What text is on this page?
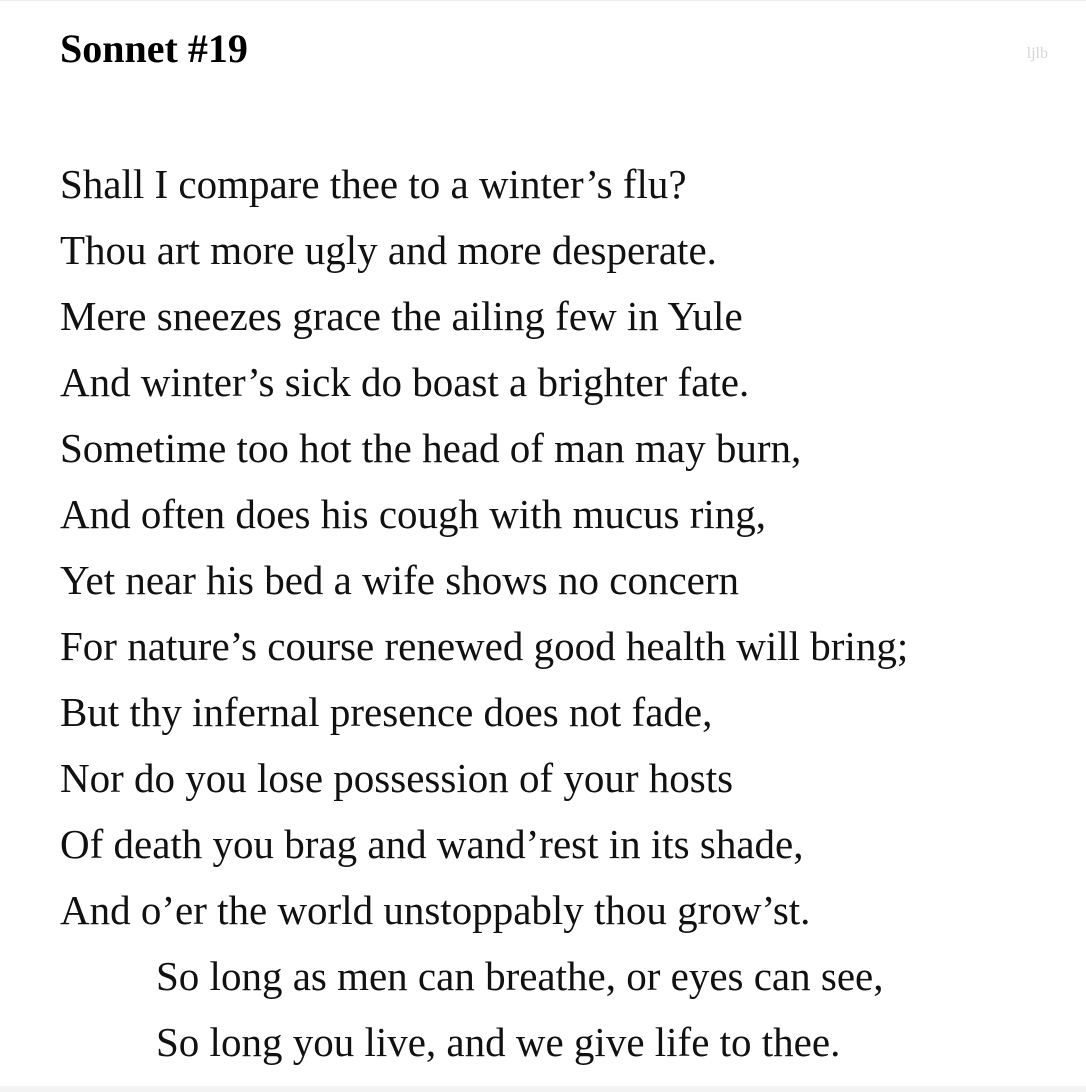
Sonnet #19	ljlb
Shall I compare thee to a winter’s flu?
Thou art more ugly and more desperate.
Mere sneezes grace the ailing few in Yule
And winter’s sick do boast a brighter fate.
Sometime too hot the head of man may burn,
And often does his cough with mucus ring,
Yet near his bed a wife shows no concern
For nature’s course renewed good health will bring;
But thy infernal presence does not fade,
Nor do you lose possession of your hosts
Of death you brag and wand’rest in its shade,
And o’er the world unstoppably thou grow’st.
So long as men can breathe, or eyes can see,
So long you live, and we give life to thee.
